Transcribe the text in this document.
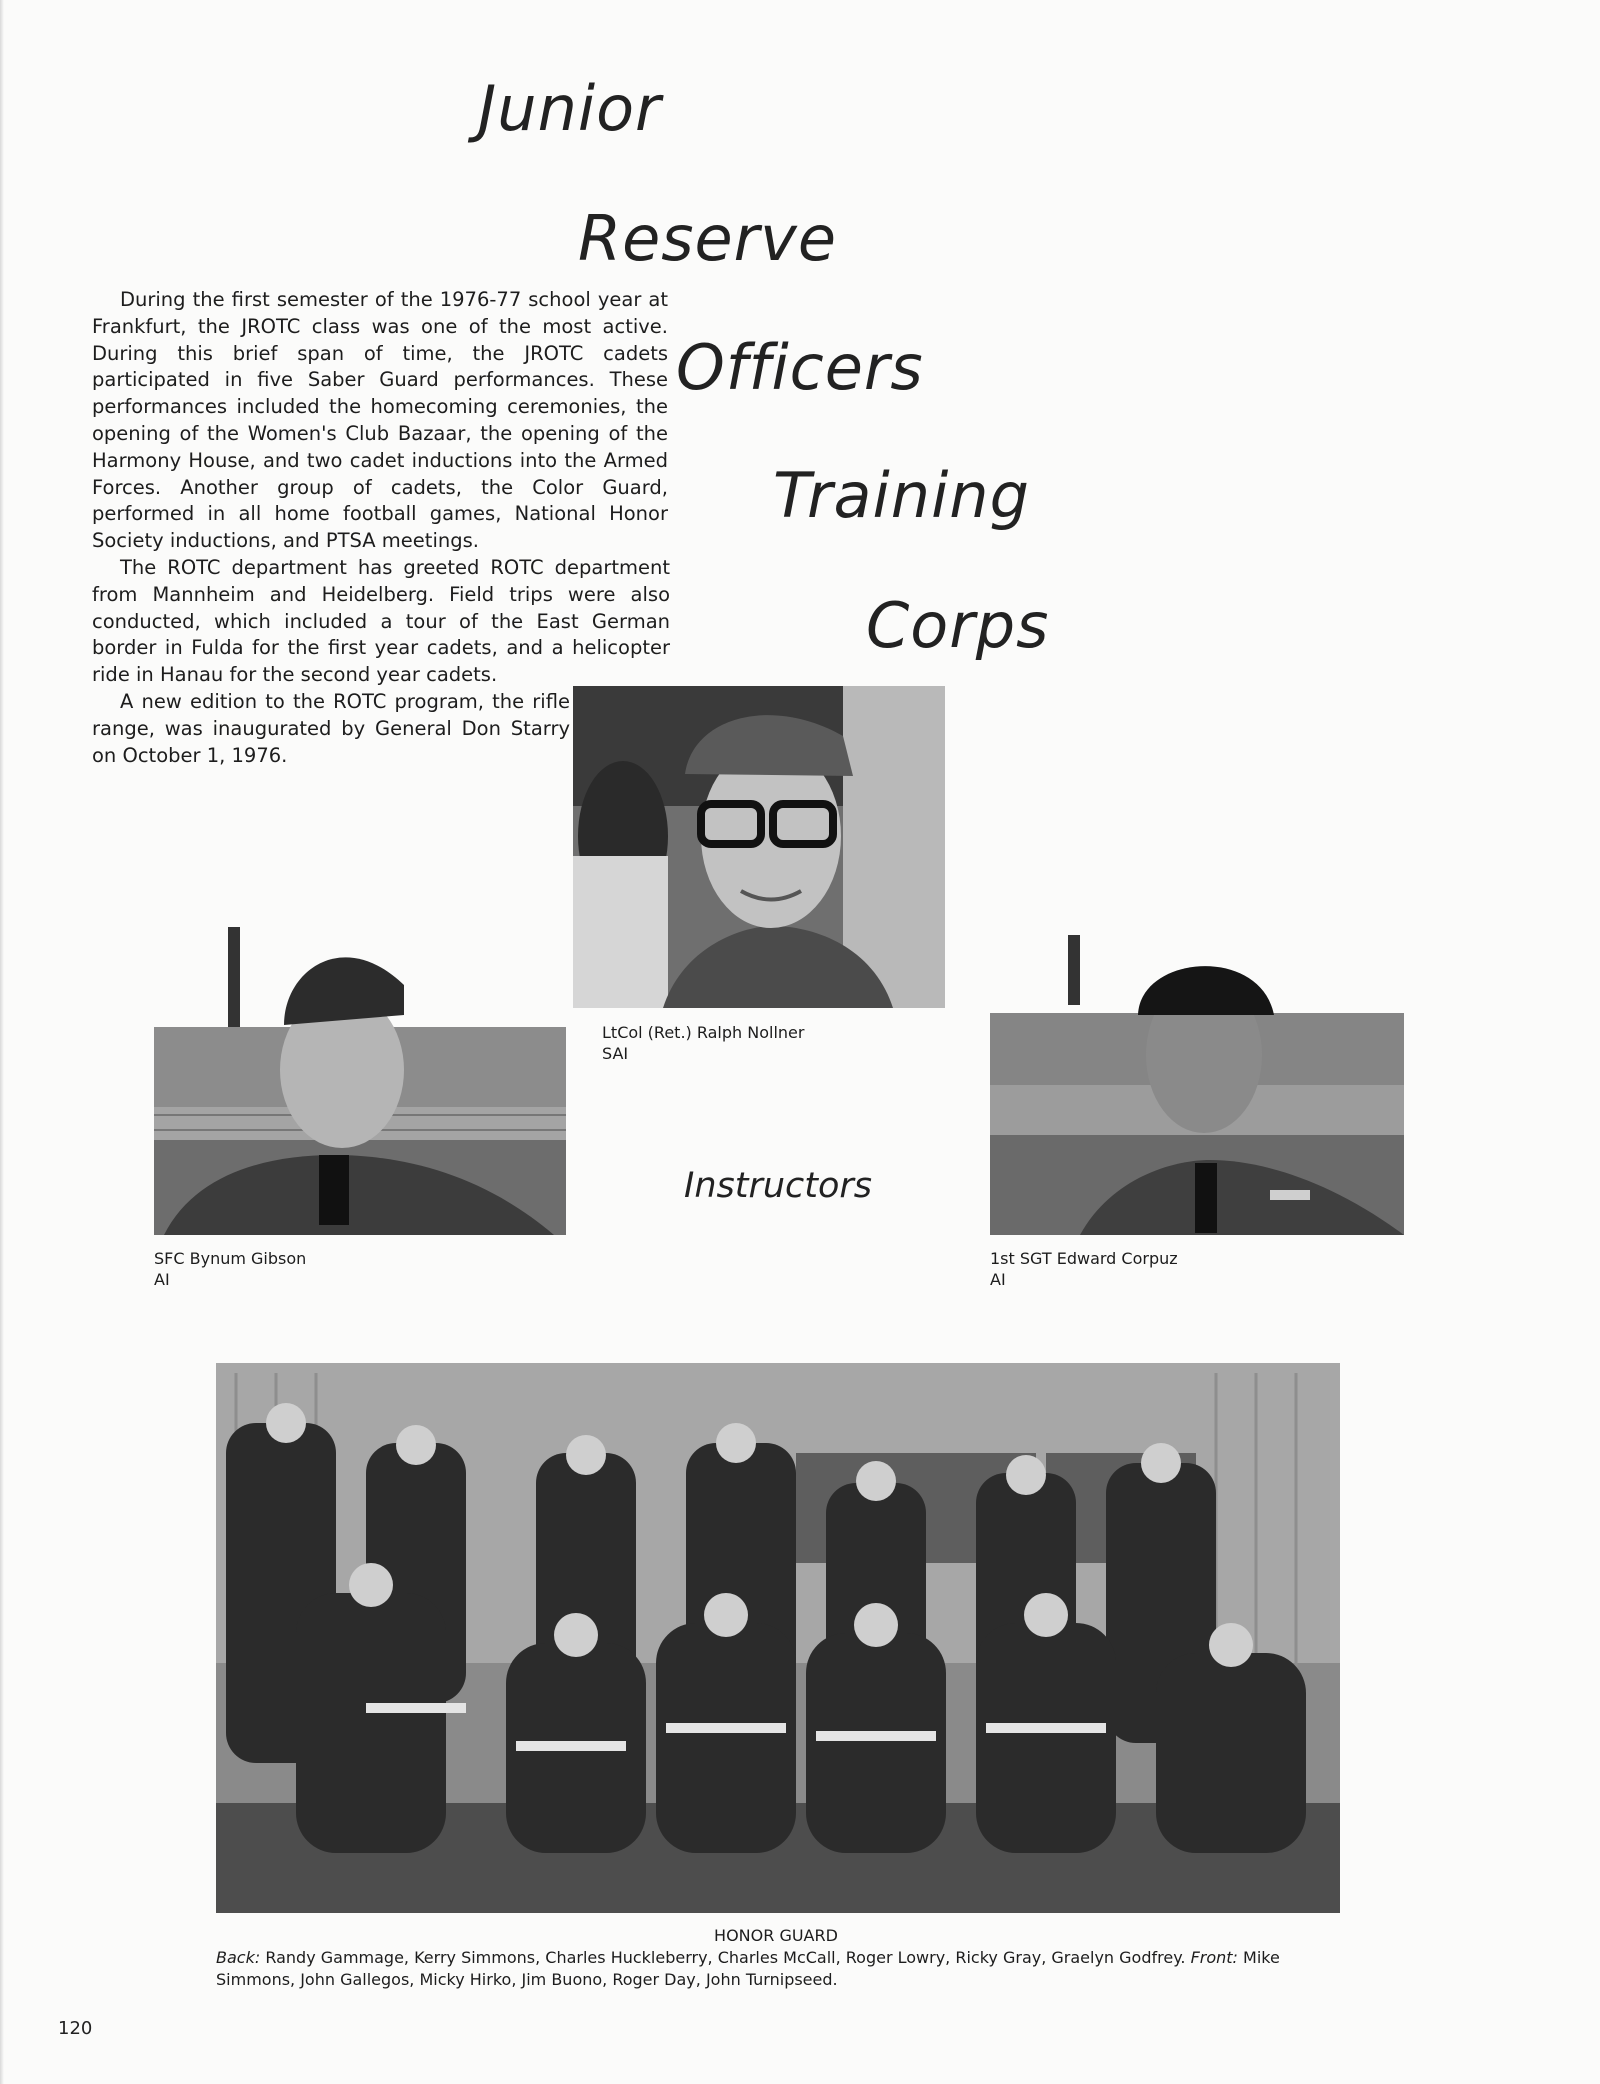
Junior
Reserve
Officers
Training
Corps

During the first semester of the 1976-77 school year at Frankfurt, the JROTC class was one of the most active. During this brief span of time, the JROTC cadets participated in five Saber Guard performances. These performances included the homecoming ceremonies, the opening of the Women's Club Bazaar, the opening of the Harmony House, and two cadet inductions into the Armed Forces. Another group of cadets, the Color Guard, performed in all home football games, National Honor Society inductions, and PTSA meetings.

The ROTC department has greeted ROTC department from Mannheim and Heidelberg. Field trips were also conducted, which included a tour of the East German border in Fulda for the first year cadets, and a helicopter ride in Hanau for the second year cadets.

A new edition to the ROTC program, the rifle range, was inaugurated by General Don Starry on October 1, 1976.

LtCol (Ret.) Ralph Nollner
SAI
SFC Bynum Gibson
AI
1st SGT Edward Corpuz
AI
Instructors
HONOR GUARD
Back: Randy Gammage, Kerry Simmons, Charles Huckleberry, Charles McCall, Roger Lowry, Ricky Gray, Graelyn Godfrey. Front: Mike Simmons, John Gallegos, Micky Hirko, Jim Buono, Roger Day, John Turnipseed.
120
